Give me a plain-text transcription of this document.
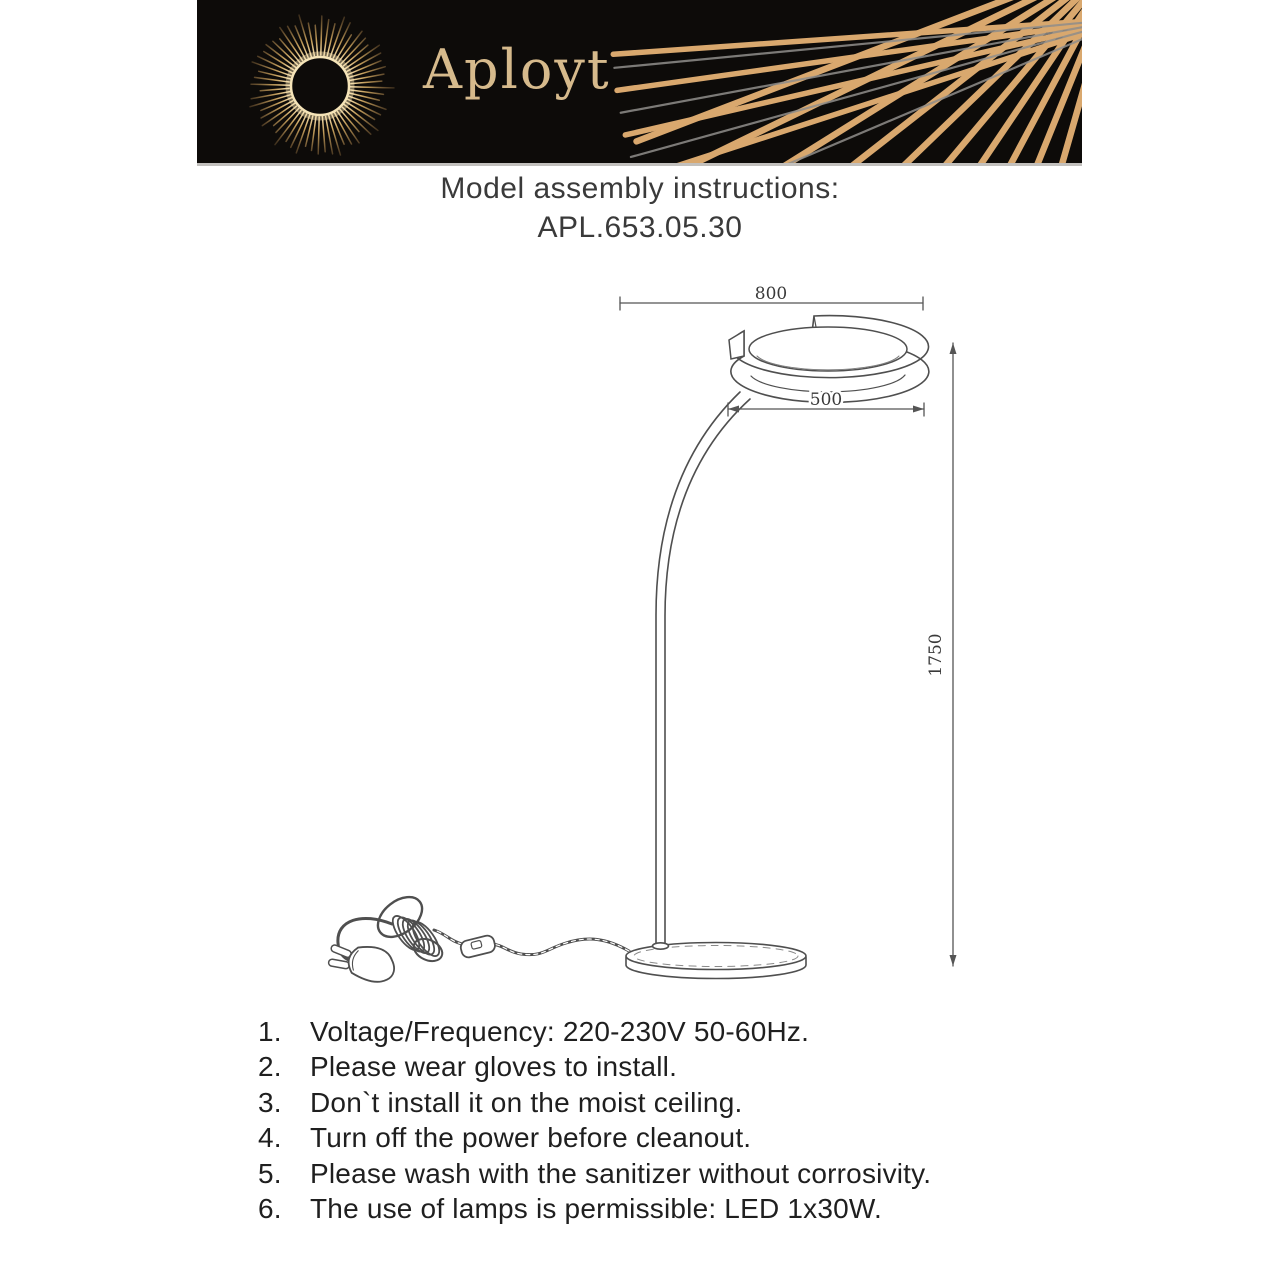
Aployt
Model assembly instructions:
APL.653.05.30
800
500
1750
1.	Voltage/Frequency: 220-230V 50-60Hz.
2.	Please wear gloves to install.
3.	Don`t install it on the moist ceiling.
4.	Turn off the power before cleanout.
5.	Please wash with the sanitizer without corrosivity.
6.	The use of lamps is permissible: LED 1x30W.
